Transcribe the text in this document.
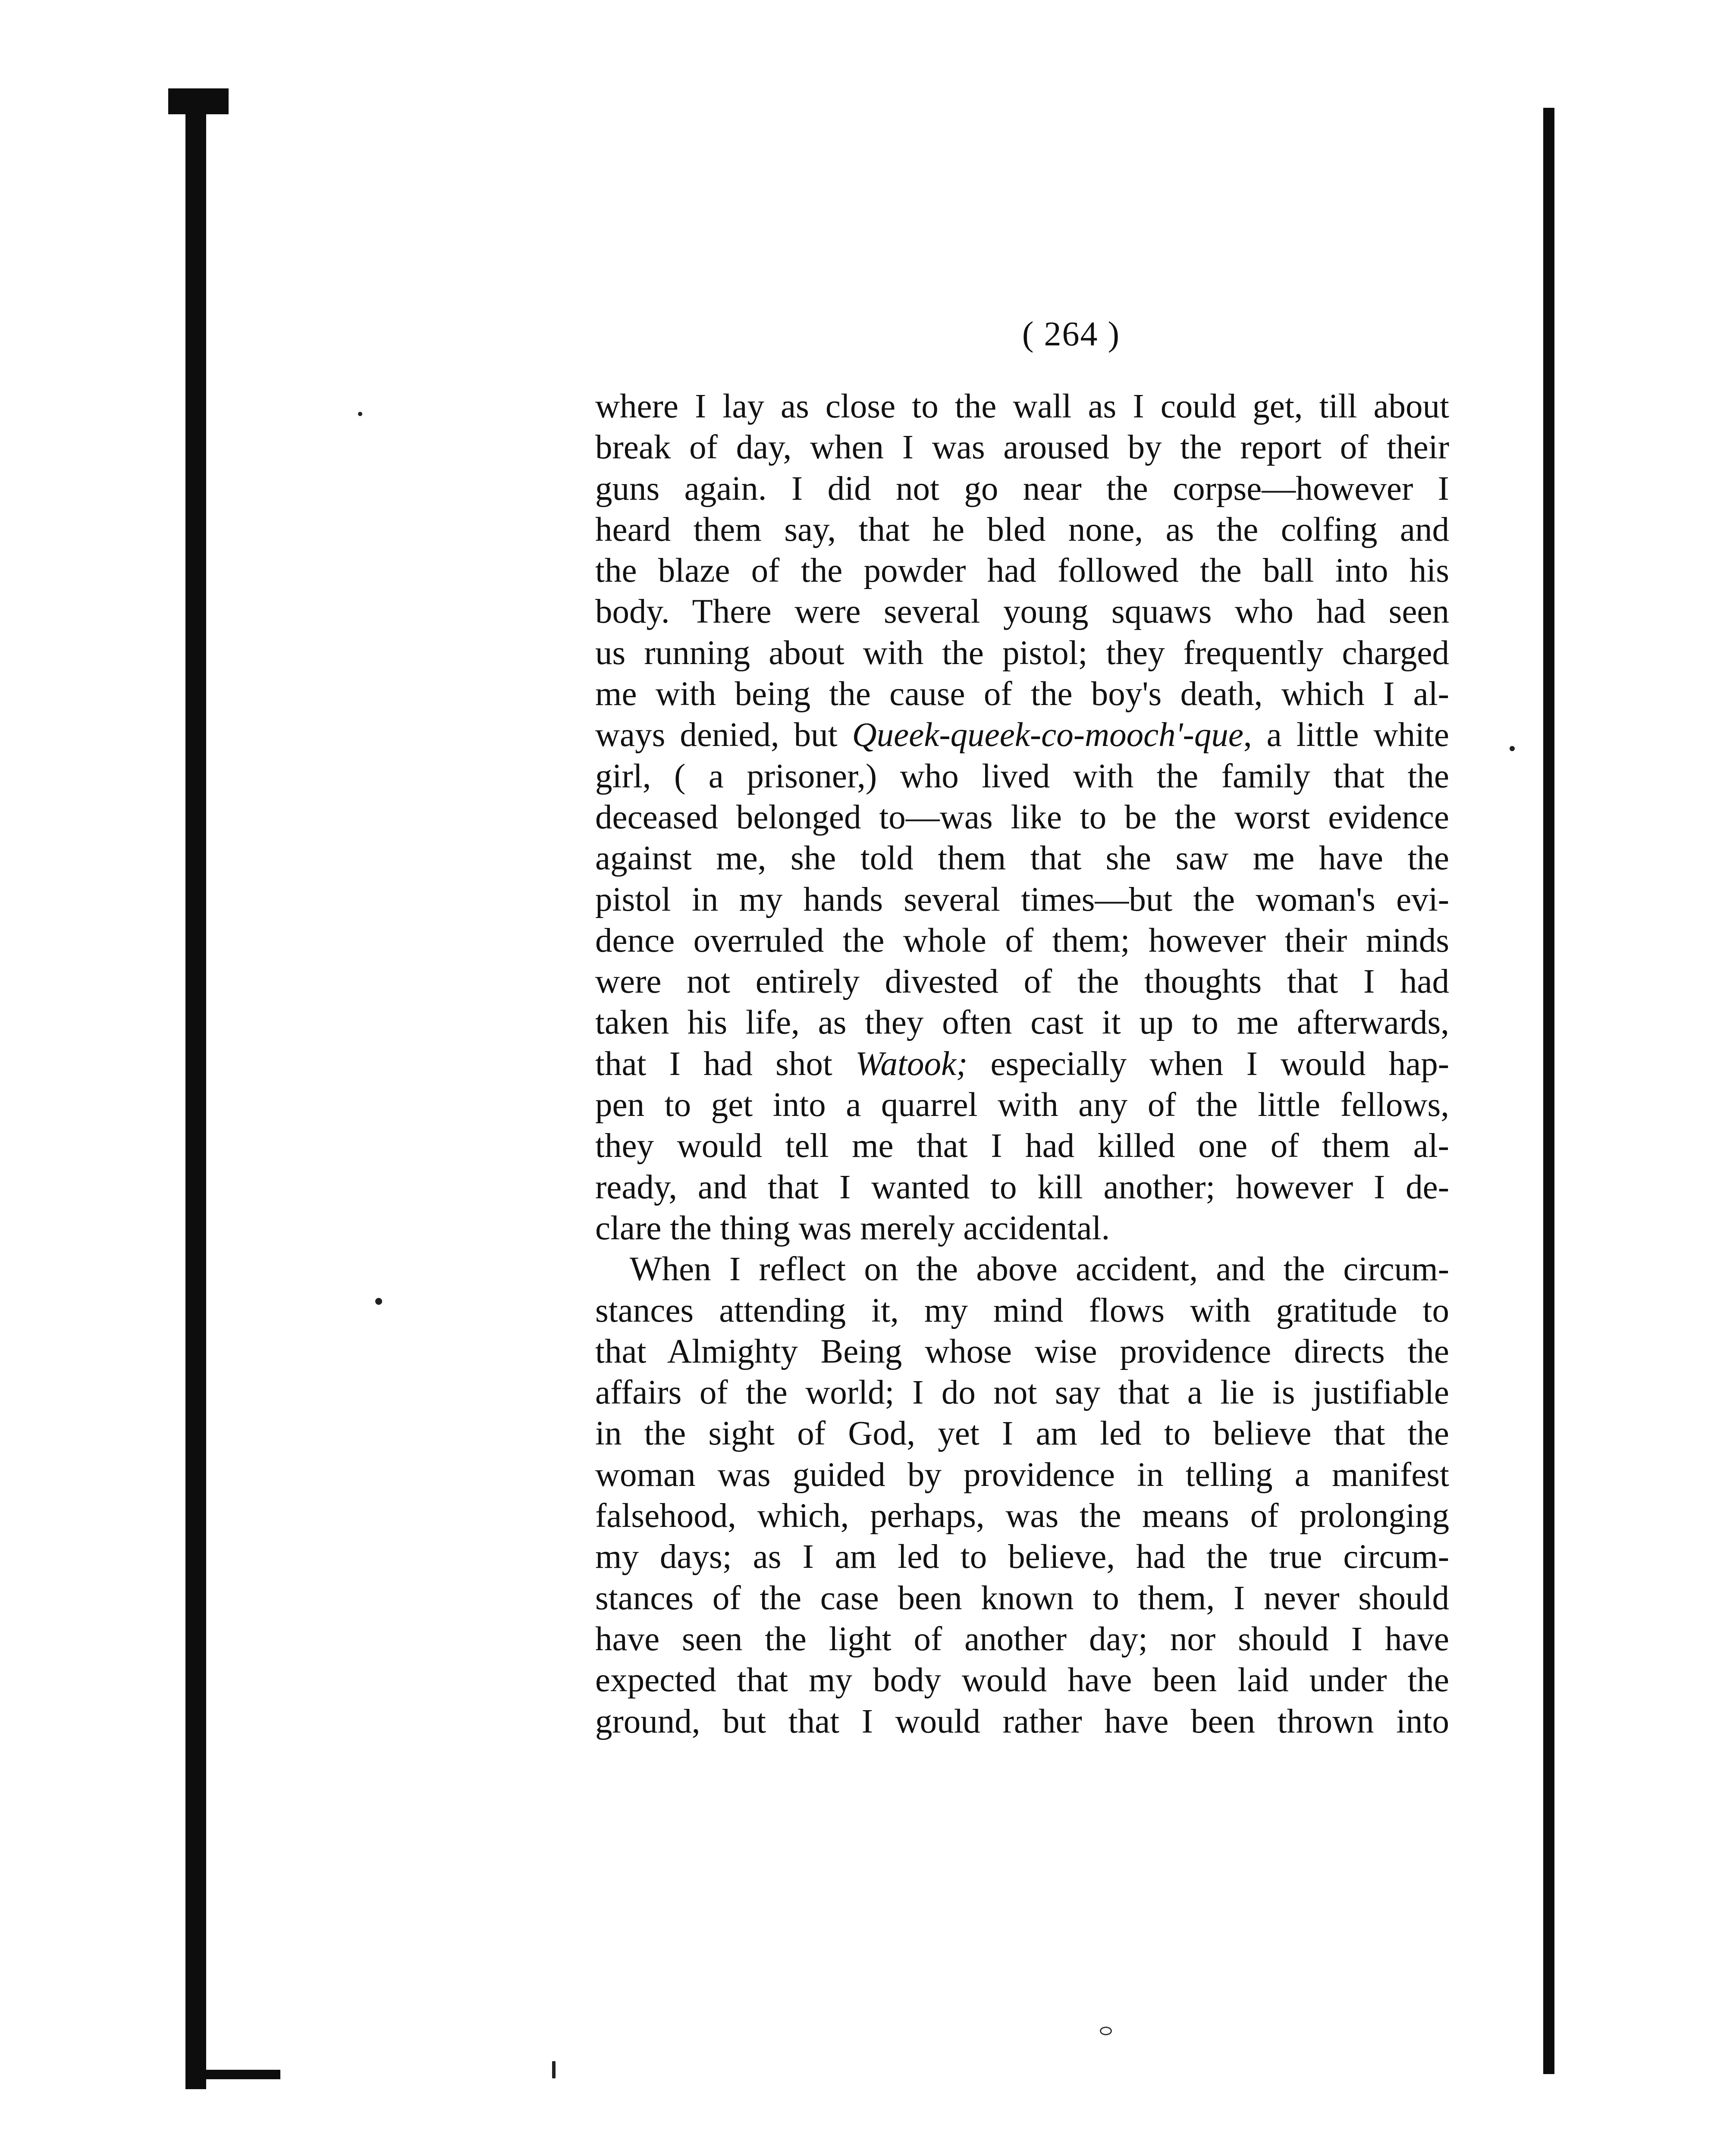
( 264 )
where I lay as close to the wall as I could get, till about
break of day, when I was aroused by the report of their
guns again. I did not go near the corpse—however I
heard them say, that he bled none, as the colfing and
the blaze of the powder had followed the ball into his
body. There were several young squaws who had seen
us running about with the pistol; they frequently charged
me with being the cause of the boy's death, which I al-
ways denied, but Queek-queek-co-mooch'-que, a little white
girl, ( a prisoner,) who lived with the family that the
deceased belonged to—was like to be the worst evidence
against me, she told them that she saw me have the
pistol in my hands several times—but the woman's evi-
dence overruled the whole of them; however their minds
were not entirely divested of the thoughts that I had
taken his life, as they often cast it up to me afterwards,
that I had shot Watook; especially when I would hap-
pen to get into a quarrel with any of the little fellows,
they would tell me that I had killed one of them al-
ready, and that I wanted to kill another; however I de-
clare the thing was merely accidental.
When I reflect on the above accident, and the circum-
stances attending it, my mind flows with gratitude to
that Almighty Being whose wise providence directs the
affairs of the world; I do not say that a lie is justifiable
in the sight of God, yet I am led to believe that the
woman was guided by providence in telling a manifest
falsehood, which, perhaps, was the means of prolonging
my days; as I am led to believe, had the true circum-
stances of the case been known to them, I never should
have seen the light of another day; nor should I have
expected that my body would have been laid under the
ground, but that I would rather have been thrown into
